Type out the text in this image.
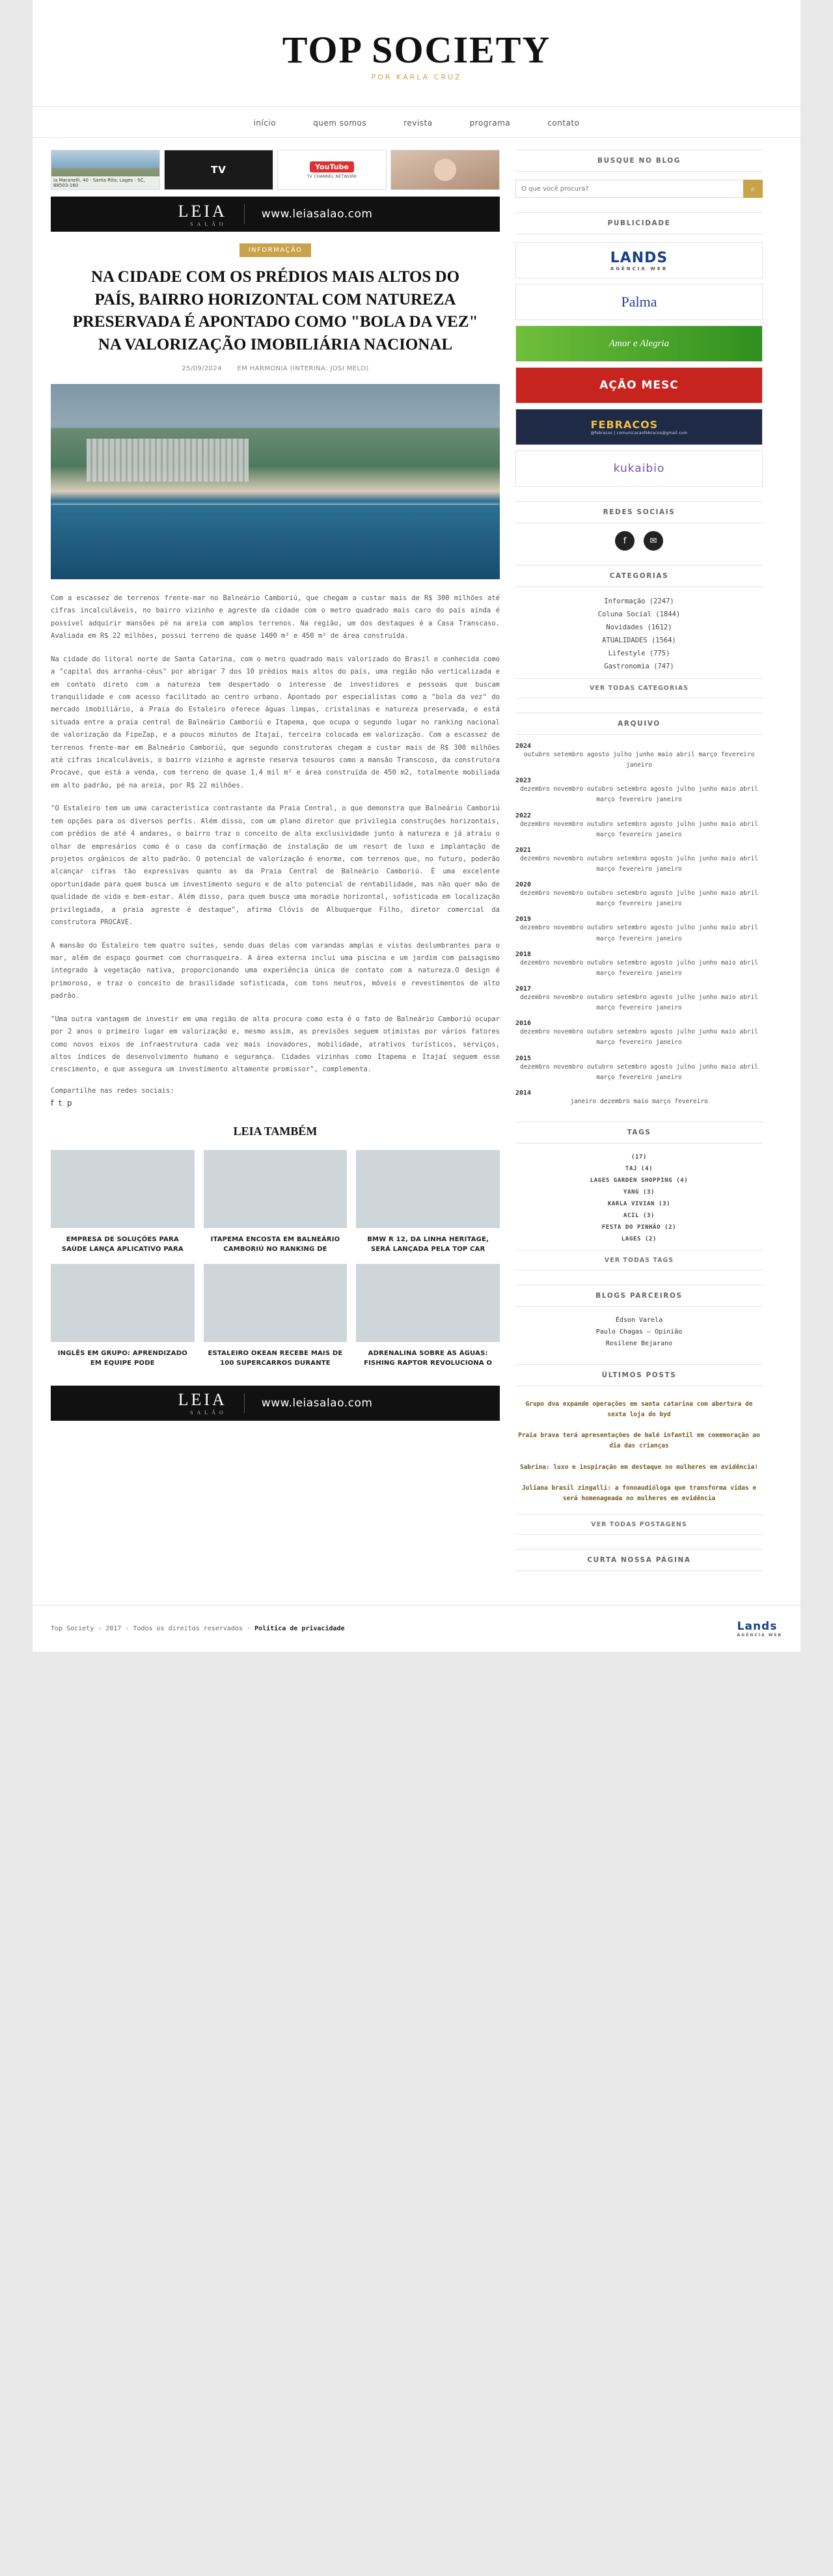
TOP SOCIETY
POR KARLA CRUZ
início	quem somos	revista	programa	contato
ia Maranelli, 40 - Santa Rita, Lages - SC, 88503-160
TV	YouTube
TV CHANNEL NETWORK
LEIA
SALÃO
www.leiasalao.com
INFORMAÇÃO
NA CIDADE COM OS PRÉDIOS MAIS ALTOS DO PAÍS, BAIRRO HORIZONTAL COM NATUREZA PRESERVADA É APONTADO COMO "BOLA DA VEZ" NA VALORIZAÇÃO IMOBILIÁRIA NACIONAL
25/09/2024 EM HARMONIA (INTERINA: JOSI MELO)

Com a escassez de terrenos frente-mar no Balneário Camboriú, que chegam a custar mais de R$ 300 milhões até cifras incalculáveis, no bairro vizinho e agreste da cidade com o metro quadrado mais caro do país ainda é possível adquirir mansões pé na areia com amplos terrenos. Na região, um dos destaques é a Casa Transcaso. Avaliada em R$ 22 milhões, possui terreno de quase 1400 m² e 450 m² de área construída.

Na cidade do litoral norte de Santa Catarina, com o metro quadrado mais valorizado do Brasil e conhecida como a "capital dos arranha-céus" por abrigar 7 dos 10 prédios mais altos do país, uma região não verticalizada e em contato direto com a natureza tem despertado o interesse de investidores e pessoas que buscam tranquilidade e com acesso facilitado ao centro urbano. Apontado por especialistas como a "bola da vez" do mercado imobiliário, a Praia do Estaleiro oferece águas limpas, cristalinas e natureza preservada, e está situada entre a praia central de Balneário Camboriú e Itapema, que ocupa o segundo lugar no ranking nacional de valorização da FipeZap, e a poucos minutos de Itajaí, terceira colocada em valorização. Com a escassez de terrenos frente-mar em Balneário Camboriú, que segundo construtoras chegam a custar mais de R$ 300 milhões até cifras incalculáveis, o bairro vizinho e agreste reserva tesouros como a mansão Transcoso, da construtora Procave, que está a venda, com terreno de quase 1,4 mil m² e área construída de 450 m2, totalmente mobiliada em alto padrão, pé na areia, por R$ 22 milhões.

"O Estaleiro tem um uma característica contrastante da Praia Central, o que demonstra que Balneário Camboriú tem opções para os diversos perfis. Além disso, com um plano diretor que privilegia construções horizontais, com prédios de até 4 andares, o bairro traz o conceito de alta exclusividade junto à natureza e já atraiu o olhar de empresários como é o caso da confirmação de instalação de um resort de luxo e implantação de projetos orgânicos de alto padrão. O potencial de valorização é enorme, com terrenos que, no futuro, poderão alcançar cifras tão expressivas quanto as da Praia Central de Balneário Camboriú. É uma excelente oportunidade para quem busca um investimento seguro e de alto potencial de rentabilidade, mas não quer mão de qualidade de vida e bem-estar. Além disso, para quem busca uma moradia horizontal, sofisticada em localização privilegiada, a praia agreste é destaque", afirma Clóvis de Albuquerque Filho, diretor comercial da construtora PROCAVE.

A mansão do Estaleiro tem quatro suítes, sendo duas delas com varandas amplas e vistas deslumbrantes para o mar, além de espaço gourmet com churrasqueira. A área externa inclui uma piscina e um jardim com paisagismo integrado à vegetação nativa, proporcionando uma experiência única de contato com a natureza.O design é primoroso, e traz o conceito de brasilidade sofisticada, com tons neutros, móveis e revestimentos de alto padrão.

"Uma outra vantagem de investir em uma região de alta procura como esta é o fato de Balneário Camboriú ocupar por 2 anos o primeiro lugar em valorização e, mesmo assim, as previsões seguem otimistas por vários fatores como novos eixos de infraestrutura cada vez mais inovadores, mobilidade, atrativos turísticos, serviços, altos índices de desenvolvimento humano e segurança. Cidades vizinhas como Itapema e Itajaí seguem esse crescimento, e que assegura um investimento altamente promissor", complementa.

Compartilhe nas redes sociais:
f t p
LEIA TAMBÉM
EMPRESA DE SOLUÇÕES PARA SAÚDE LANÇA APLICATIVO PARA
ITAPEMA ENCOSTA EM BALNEÁRIO CAMBORIÚ NO RANKING DE
BMW R 12, DA LINHA HERITAGE, SERÁ LANÇADA PELA TOP CAR
INGLÊS EM GRUPO: APRENDIZADO EM EQUIPE PODE
ESTALEIRO OKEAN RECEBE MAIS DE 100 SUPERCARROS DURANTE
ADRENALINA SOBRE AS ÁGUAS: FISHING RAPTOR REVOLUCIONA O
LEIA
SALÃO
www.leiasalao.com
BUSQUE NO BLOG
O que você procura?
⌕
PUBLICIDADE
LANDS
AGÊNCIA WEB
Palma
Amor e Alegria
AÇÃO MESC
FEBRACOS
@febracos | comunicacaofebracos@gmail.com
kukaibio
REDES SOCIAIS
f	✉
CATEGORIAS
Informação (2247)
Coluna Social (1844)
Novidades (1612)
ATUALIDADES (1564)
Lifestyle (775)
Gastronomia (747)
VER TODAS CATEGORIAS
ARQUIVO
2024
outubro setembro agosto julho junho maio abril março fevereiro janeiro
2023
dezembro novembro outubro setembro agosto julho junho maio abril março fevereiro janeiro
2022
dezembro novembro outubro setembro agosto julho junho maio abril março fevereiro janeiro
2021
dezembro novembro outubro setembro agosto julho junho maio abril março fevereiro janeiro
2020
dezembro novembro outubro setembro agosto julho junho maio abril março fevereiro janeiro
2019
dezembro novembro outubro setembro agosto julho junho maio abril março fevereiro janeiro
2018
dezembro novembro outubro setembro agosto julho junho maio abril março fevereiro janeiro
2017
dezembro novembro outubro setembro agosto julho junho maio abril março fevereiro janeiro
2016
dezembro novembro outubro setembro agosto julho junho maio abril março fevereiro janeiro
2015
dezembro novembro outubro setembro agosto julho junho maio abril março fevereiro janeiro
2014
janeiro dezembro maio março fevereiro
TAGS
(17)
TAJ (4)
LAGES GARDEN SHOPPING (4)
YANG (3)
KARLA VIVIAN (3)
ACIL (3)
FESTA DO PINHÃO (2)
LAGES (2)
VER TODAS TAGS
BLOGS PARCEIROS
Édson Varela
Paulo Chagas – Opinião
Rosilene Bejarano
ÚLTIMOS POSTS
Grupo dva expande operações em santa catarina com abertura de sexta loja do byd
Praia brava terá apresentações de balé infantil em comemoração ao dia das crianças
Sabrina: luxo e inspiração em destaque no mulheres em evidência!
Juliana brasil zingalli: a fonoaudióloga que transforma vidas e será homenageada no mulheres em evidência
VER TODAS POSTAGENS
CURTA NOSSA PÁGINA
Top Society - 2017 - Todos os direitos reservados - Política de privacidade	Lands
AGÊNCIA WEB
